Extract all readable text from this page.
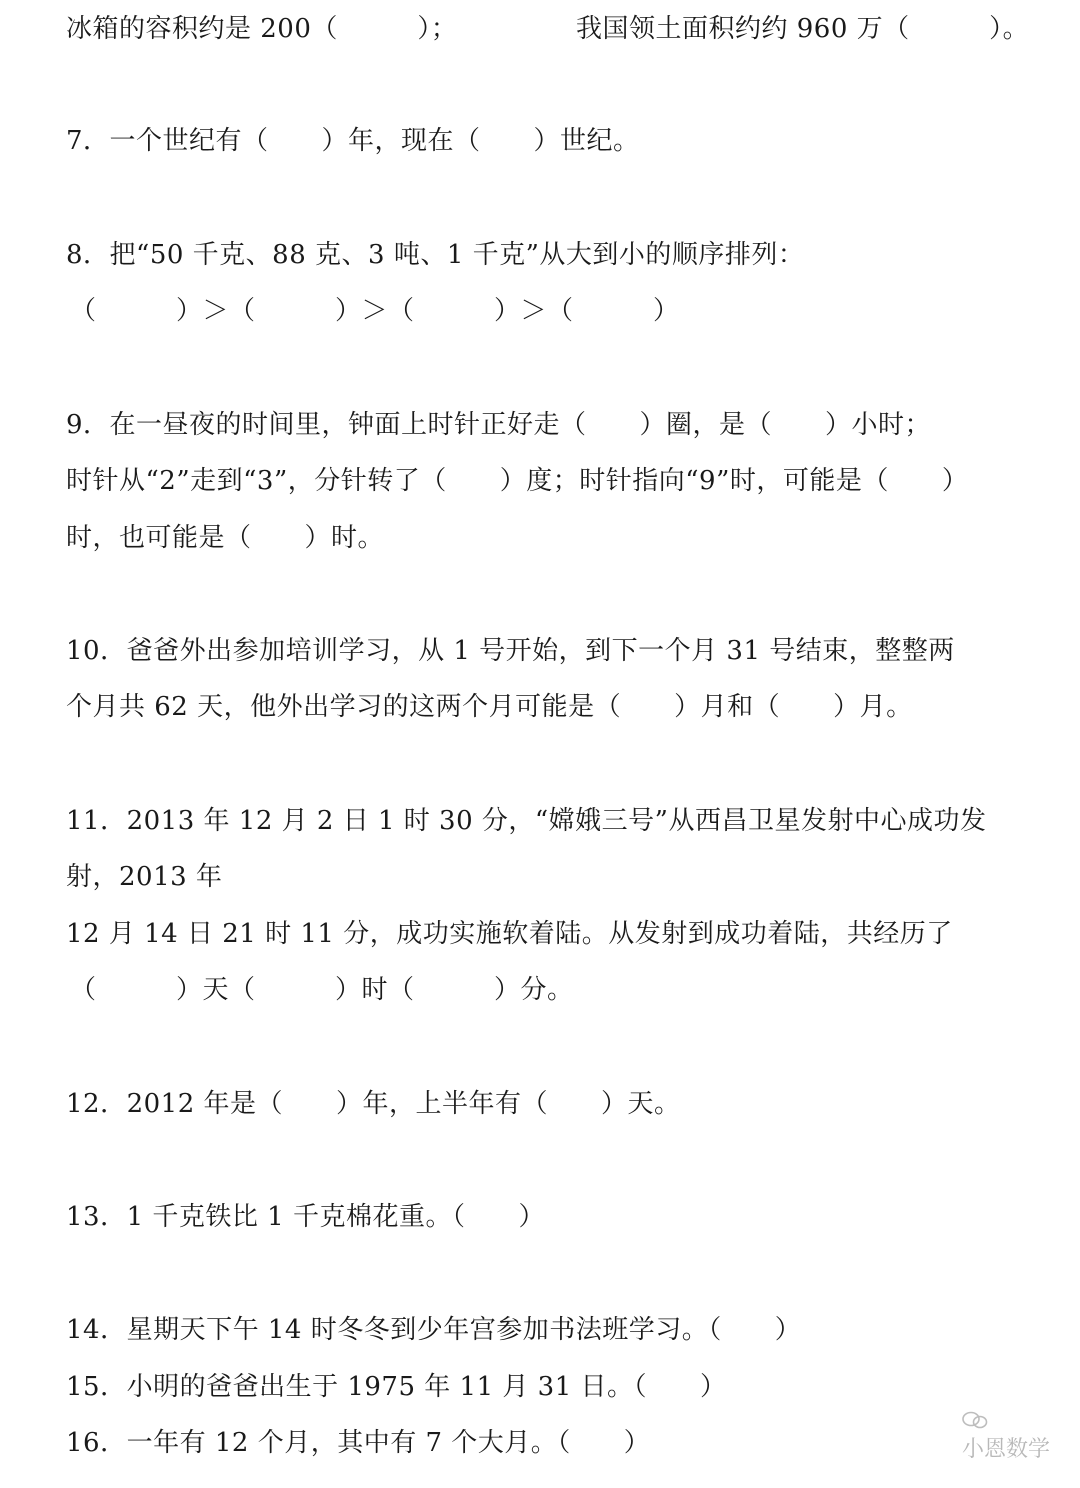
冰箱的容积约是 200（　　　）；	我国领土面积约约 960 万（　　　）。
7．一个世纪有（　　）年，现在（　　）世纪。
8．把“50 千克、88 克、3 吨、1 千克”从大到小的顺序排列：
（　　　）＞（　　　）＞（　　　）＞（　　　）
9．在一昼夜的时间里，钟面上时针正好走（　　）圈，是（　　）小时；
时针从“2”走到“3”，分针转了（　　）度；时针指向“9”时，可能是（　　）
时，也可能是（　　）时。
10．爸爸外出参加培训学习，从 1 号开始，到下一个月 31 号结束，整整两
个月共 62 天，他外出学习的这两个月可能是（　　）月和（　　）月。
11．2013 年 12 月 2 日 1 时 30 分，“嫦娥三号”从西昌卫星发射中心成功发
射，2013 年
12 月 14 日 21 时 11 分，成功实施软着陆。从发射到成功着陆，共经历了
（　　　）天（　　　）时（　　　）分。
12．2012 年是（　　）年，上半年有（　　）天。
13．1 千克铁比 1 千克棉花重。（　　）
14．星期天下午 14 时冬冬到少年宫参加书法班学习。（　　）
15．小明的爸爸出生于 1975 年 11 月 31 日。（　　）
16．一年有 12 个月，其中有 7 个大月。（　　）

	小恩数学
